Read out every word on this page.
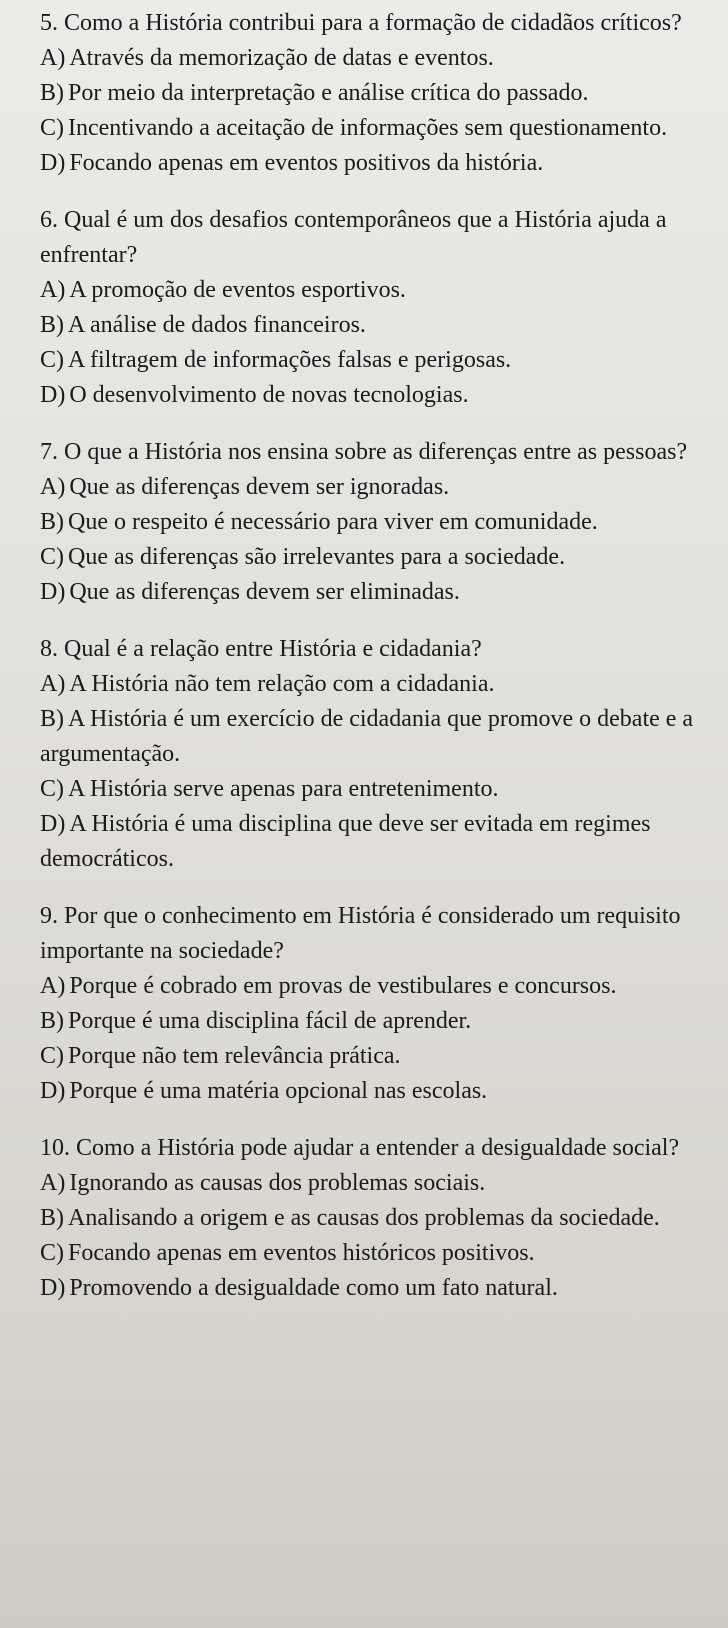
5. Como a História contribui para a formação de cidadãos críticos?

A) Através da memorização de datas e eventos.
B) Por meio da interpretação e análise crítica do passado.
C) Incentivando a aceitação de informações sem questionamento.
D) Focando apenas em eventos positivos da história.

6. Qual é um dos desafios contemporâneos que a História ajuda a enfrentar?

A) A promoção de eventos esportivos.
B) A análise de dados financeiros.
C) A filtragem de informações falsas e perigosas.
D) O desenvolvimento de novas tecnologias.

7. O que a História nos ensina sobre as diferenças entre as pessoas?

A) Que as diferenças devem ser ignoradas.
B) Que o respeito é necessário para viver em comunidade.
C) Que as diferenças são irrelevantes para a sociedade.
D) Que as diferenças devem ser eliminadas.

8. Qual é a relação entre História e cidadania?

A) A História não tem relação com a cidadania.
B) A História é um exercício de cidadania que promove o debate e a argumentação.
C) A História serve apenas para entretenimento.
D) A História é uma disciplina que deve ser evitada em regimes democráticos.

9. Por que o conhecimento em História é considerado um requisito importante na sociedade?

A) Porque é cobrado em provas de vestibulares e concursos.
B) Porque é uma disciplina fácil de aprender.
C) Porque não tem relevância prática.
D) Porque é uma matéria opcional nas escolas.

10. Como a História pode ajudar a entender a desigualdade social?

A) Ignorando as causas dos problemas sociais.
B) Analisando a origem e as causas dos problemas da sociedade.
C) Focando apenas em eventos históricos positivos.
D) Promovendo a desigualdade como um fato natural.
